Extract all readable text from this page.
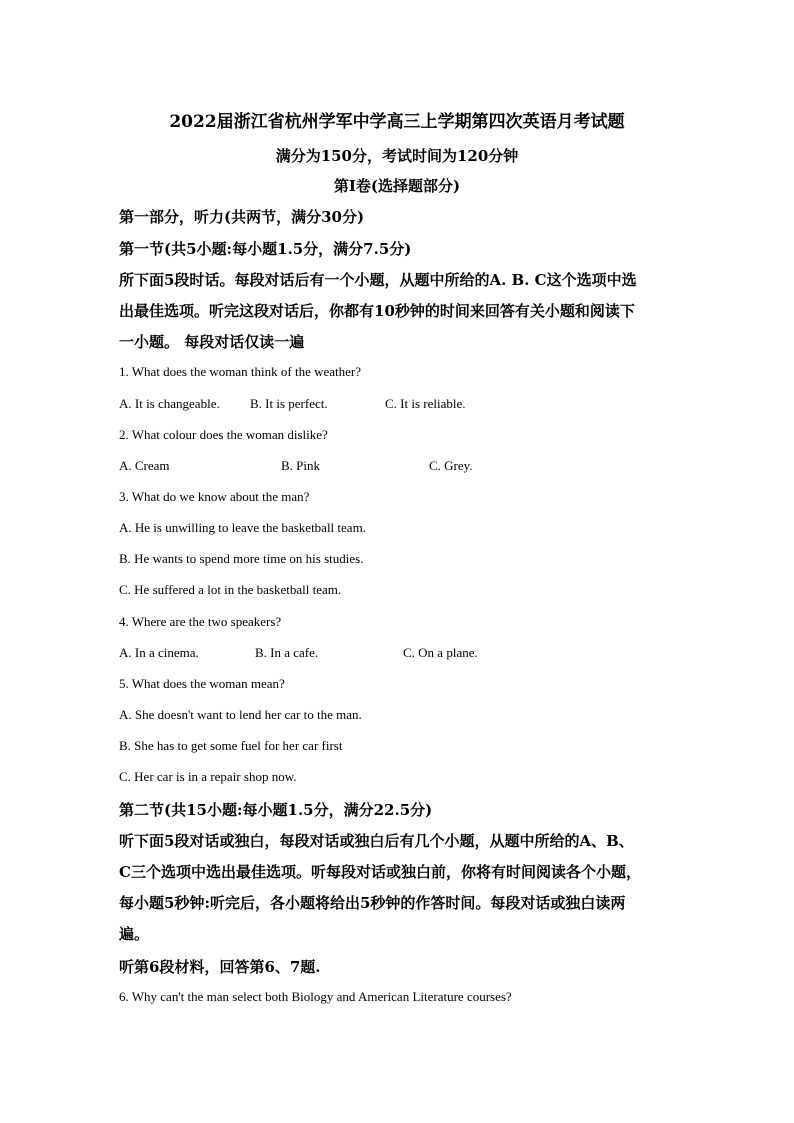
2022届浙江省杭州学军中学高三上学期第四次英语月考试题
满分为150分，考试时间为120分钟
第I卷(选择题部分)
第一部分，听力(共两节，满分30分)
第一节(共5小题:每小题1.5分，满分7.5分)
所下面5段时话。每段对话后有一个小题，从题中所给的A. B. C这个选项中选
出最佳选项。听完这段对话后，你都有10秒钟的时间来回答有关小题和阅读下
一小题。 每段对话仅读一遍
1. What does the woman think of the weather?
A. It is changeable. B. It is perfect.	C. It is reliable.
2. What colour does the woman dislike?
A. Cream	B. Pink	C. Grey.
3. What do we know about the man?
A. He is unwilling to leave the basketball team.
B. He wants to spend more time on his studies.
C. He suffered a lot in the basketball team.
4. Where are the two speakers?
A. In a cinema.	B. In a cafe.	C. On a plane.
5. What does the woman mean?
A. She doesn't want to lend her car to the man.
B. She has to get some fuel for her car first
C. Her car is in a repair shop now.
第二节(共15小题:每小题1.5分，满分22.5分)
听下面5段对话或独白，每段对话或独白后有几个小题，从题中所给的A、B、
C三个选项中选出最佳选项。听每段对话或独白前，你将有时间阅读各个小题，
每小题5秒钟:听完后，各小题将给出5秒钟的作答时间。每段对话或独白读两
遍。
听第6段材料，回答第6、7题.
6. Why can't the man select both Biology and American Literature courses?
